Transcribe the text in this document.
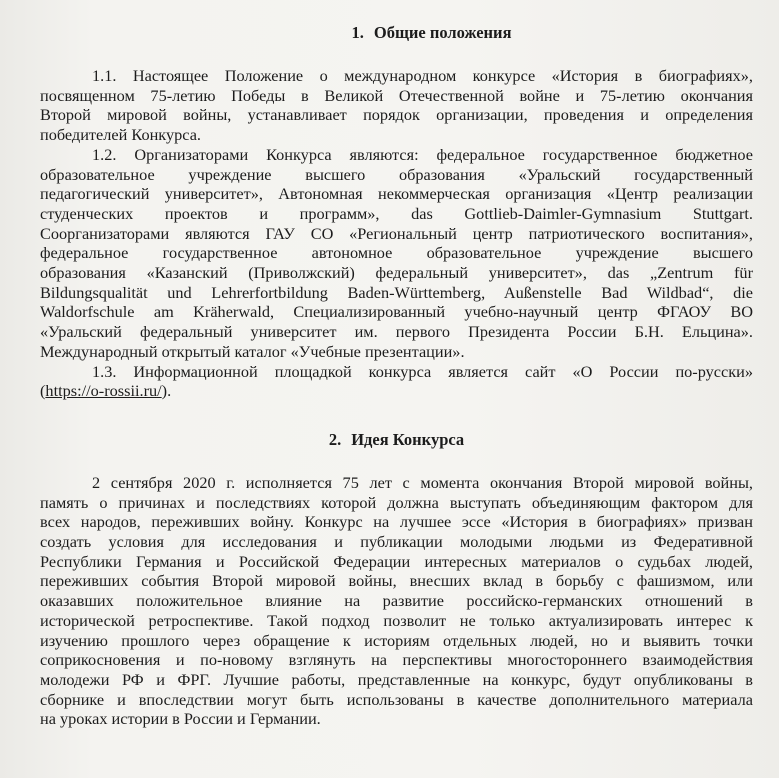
1. Общие положения
1.1. Настоящее Положение о международном конкурсе «История в биографиях»,
посвященном 75-летию Победы в Великой Отечественной войне и 75-летию окончания
Второй мировой войны, устанавливает порядок организации, проведения и определения
победителей Конкурса.
1.2. Организаторами Конкурса являются: федеральное государственное бюджетное
образовательное учреждение высшего образования «Уральский государственный
педагогический университет», Автономная некоммерческая организация «Центр реализации
студенческих проектов и программ», das Gottlieb-Daimler-Gymnasium Stuttgart.
Соорганизаторами являются ГАУ СО «Региональный центр патриотического воспитания»,
федеральное государственное автономное образовательное учреждение высшего
образования «Казанский (Приволжский) федеральный университет», das „Zentrum für
Bildungsqualität und Lehrerfortbildung Baden-Württemberg, Außenstelle Bad Wildbad“, die
Waldorfschule am Kräherwald, Специализированный учебно-научный центр ФГАОУ ВО
«Уральский федеральный университет им. первого Президента России Б.Н. Ельцина».
Международный открытый каталог «Учебные презентации».
1.3. Информационной площадкой конкурса является сайт «О России по-русски»
(https://o-rossii.ru/).
2. Идея Конкурса
2 сентября 2020 г. исполняется 75 лет с момента окончания Второй мировой войны,
память о причинах и последствиях которой должна выступать объединяющим фактором для
всех народов, переживших войну. Конкурс на лучшее эссе «История в биографиях» призван
создать условия для исследования и публикации молодыми людьми из Федеративной
Республики Германия и Российской Федерации интересных материалов о судьбах людей,
переживших события Второй мировой войны, внесших вклад в борьбу с фашизмом, или
оказавших положительное влияние на развитие российско-германских отношений в
исторической ретроспективе. Такой подход позволит не только актуализировать интерес к
изучению прошлого через обращение к историям отдельных людей, но и выявить точки
соприкосновения и по-новому взглянуть на перспективы многостороннего взаимодействия
молодежи РФ и ФРГ. Лучшие работы, представленные на конкурс, будут опубликованы в
сборнике и впоследствии могут быть использованы в качестве дополнительного материала
на уроках истории в России и Германии.
